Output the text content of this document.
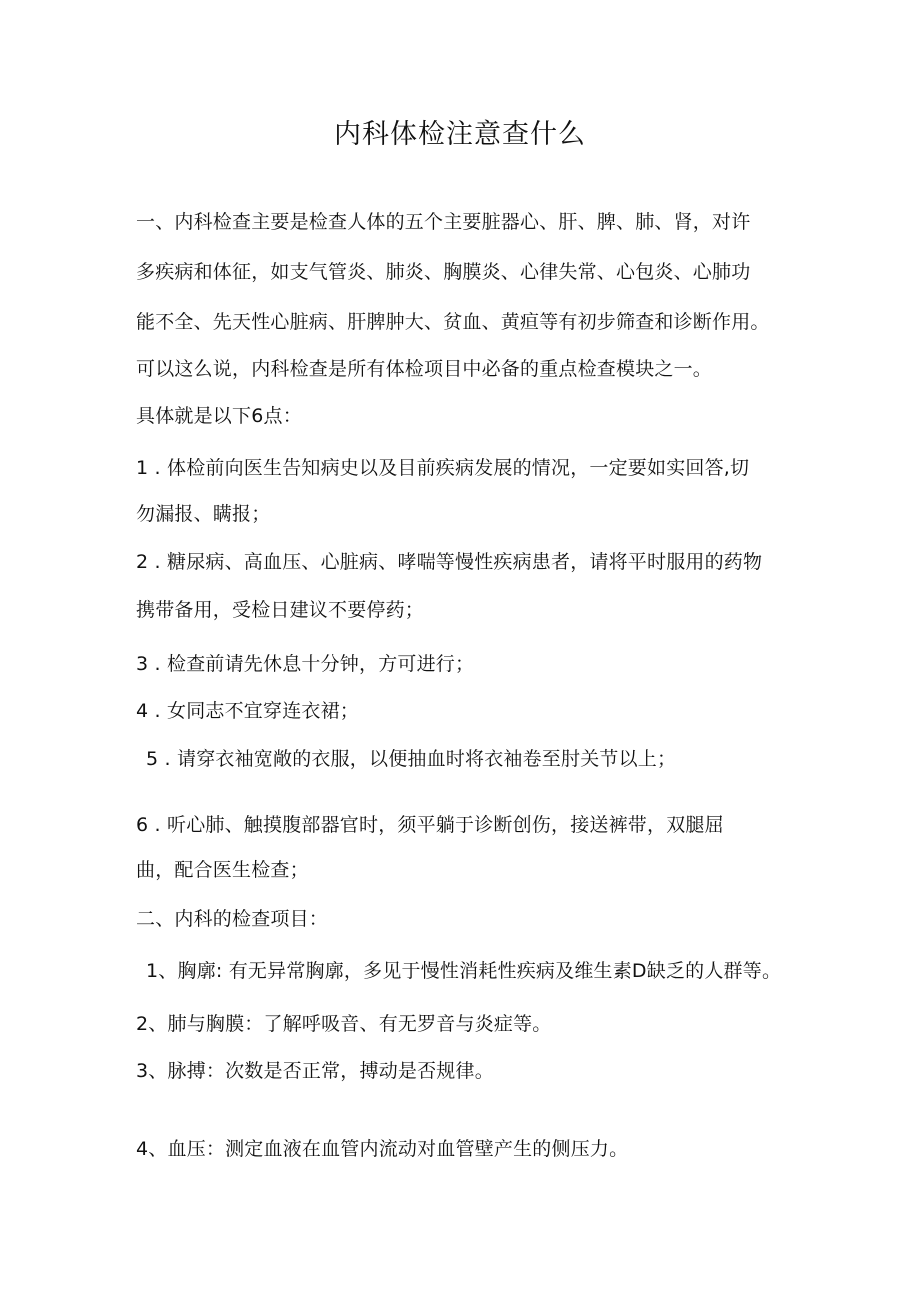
内科体检注意查什么
一、内科检查主要是检查人体的五个主要脏器心、肝、脾、肺、肾，对许
多疾病和体征，如支气管炎、肺炎、胸膜炎、心律失常、心包炎、心肺功
能不全、先天性心脏病、肝脾肿大、贫血、黄疸等有初步筛查和诊断作用。
可以这么说，内科检查是所有体检项目中必备的重点检查模块之一。
具体就是以下6点：
1 . 体检前向医生告知病史以及目前疾病发展的情况，一定要如实回答,切
勿漏报、瞒报；
2 . 糖尿病、高血压、心脏病、哮喘等慢性疾病患者，请将平时服用的药物
携带备用，受检日建议不要停药；
3 . 检查前请先休息十分钟，方可进行；
4 . 女同志不宜穿连衣裙；
5 . 请穿衣袖宽敞的衣服，以便抽血时将衣袖卷至肘关节以上；
6 . 听心肺、触摸腹部器官时，须平躺于诊断创伤，接送裤带，双腿屈
曲，配合医生检查；
二、内科的检查项目：
1、胸廓: 有无异常胸廓，多见于慢性消耗性疾病及维生素D缺乏的人群等。
2、肺与胸膜：了解呼吸音、有无罗音与炎症等。
3、脉搏：次数是否正常，搏动是否规律。
4、血压：测定血液在血管内流动对血管壁产生的侧压力。
